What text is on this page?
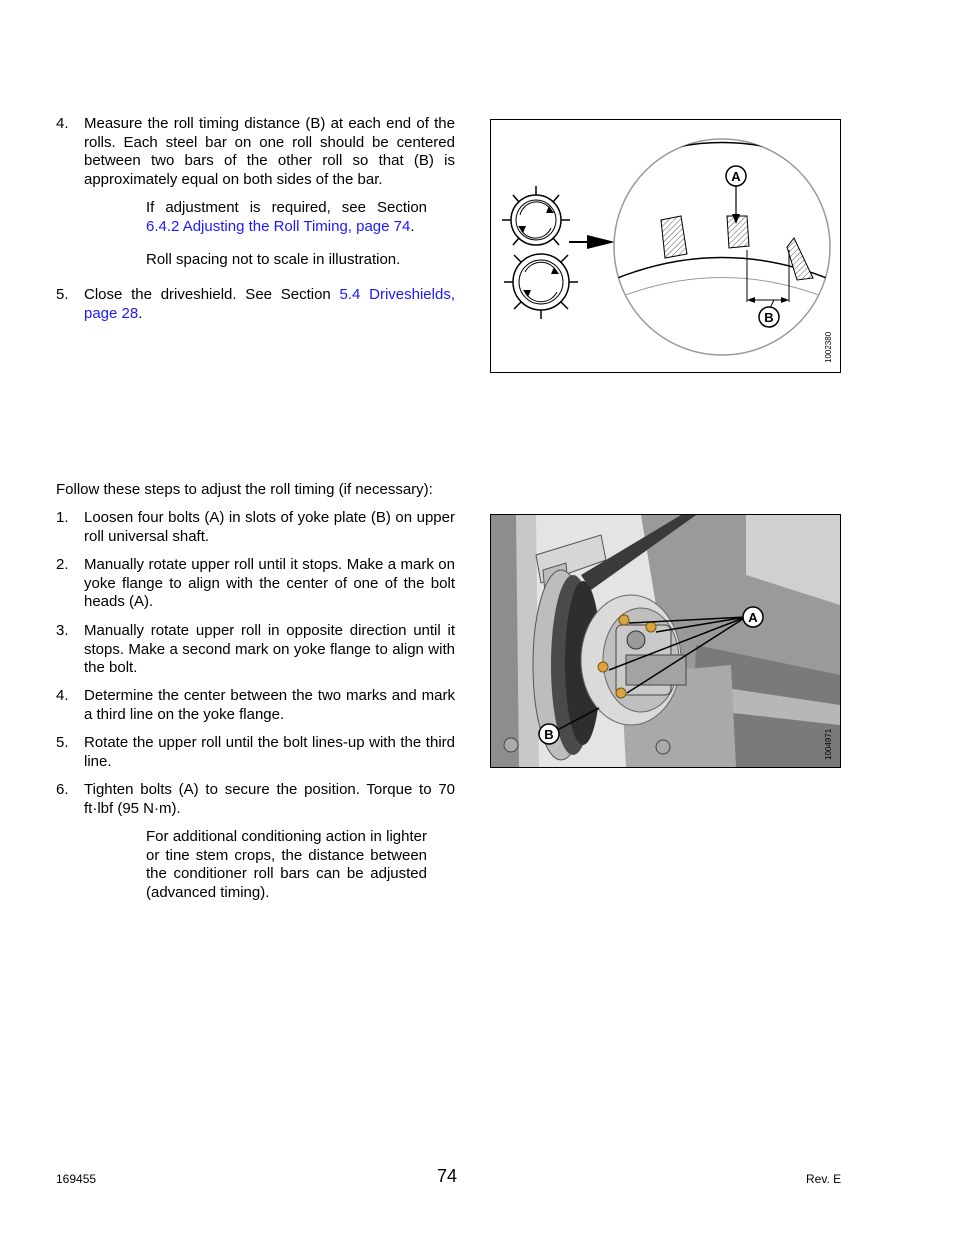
4. Measure the roll timing distance (B) at each end of the rolls. Each steel bar on one roll should be centered between two bars of the other roll so that (B) is approximately equal on both sides of the bar.
If adjustment is required, see Section 6.4.2 Adjusting the Roll Timing, page 74.
Roll spacing not to scale in illustration.
5. Close the driveshield. See Section 5.4 Driveshields, page 28.
A
B
1002380
Follow these steps to adjust the roll timing (if necessary):
1. Loosen four bolts (A) in slots of yoke plate (B) on upper roll universal shaft.
2. Manually rotate upper roll until it stops. Make a mark on yoke flange to align with the center of one of the bolt heads (A).
3. Manually rotate upper roll in opposite direction until it stops. Make a second mark on yoke flange to align with the bolt.
4. Determine the center between the two marks and mark a third line on the yoke flange.
5. Rotate the upper roll until the bolt lines-up with the third line.
6. Tighten bolts (A) to secure the position. Torque to 70 ft·lbf (95 N·m).
For additional conditioning action in lighter or tine stem crops, the distance between the conditioner roll bars can be adjusted (advanced timing).
A
B	1004971
169455	74	Rev. E
